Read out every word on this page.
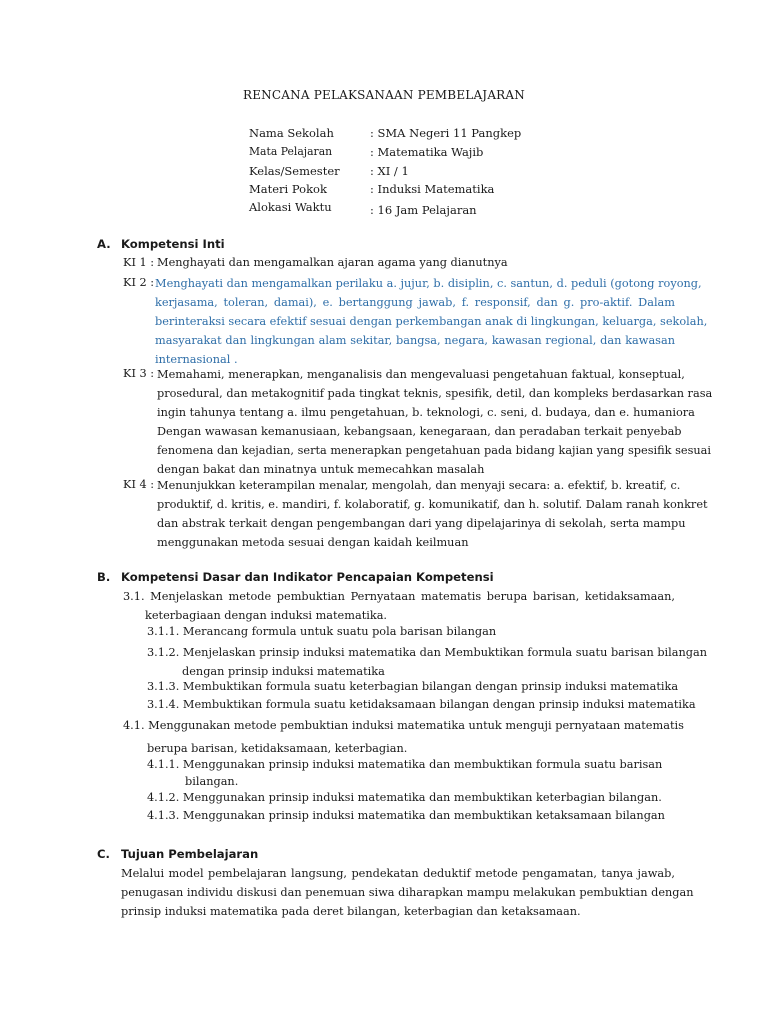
RENCANA PELAKSANAAN PEMBELAJARAN
Nama Sekolah	: SMA Negeri 11 Pangkep
Mata Pelajaran	: Matematika Wajib
Kelas/Semester	: XI / 1
Materi Pokok	: Induksi Matematika
Alokasi Waktu	: 16 Jam Pelajaran
A. Kompetensi Inti
KI 1 : Menghayati dan mengamalkan ajaran agama yang dianutnya
KI 2 : Menghayati dan mengamalkan perilaku a. jujur, b. disiplin, c. santun, d. peduli (gotong royong,
kerjasama, toleran, damai), e. bertanggung jawab, f. responsif, dan g. pro-aktif. Dalam
berinteraksi secara efektif sesuai dengan perkembangan anak di lingkungan, keluarga, sekolah,
masyarakat dan lingkungan alam sekitar, bangsa, negara, kawasan regional, dan kawasan
internasional .
KI 3 : Memahami, menerapkan, menganalisis dan mengevaluasi pengetahuan faktual, konseptual,
prosedural, dan metakognitif pada tingkat teknis, spesifik, detil, dan kompleks berdasarkan rasa
ingin tahunya tentang a. ilmu pengetahuan, b. teknologi, c. seni, d. budaya, dan e. humaniora
Dengan wawasan kemanusiaan, kebangsaan, kenegaraan, dan peradaban terkait penyebab
fenomena dan kejadian, serta menerapkan pengetahuan pada bidang kajian yang spesifik sesuai
dengan bakat dan minatnya untuk memecahkan masalah
KI 4 : Menunjukkan keterampilan menalar, mengolah, dan menyaji secara: a. efektif, b. kreatif, c.
produktif, d. kritis, e. mandiri, f. kolaboratif, g. komunikatif, dan h. solutif. Dalam ranah konkret
dan abstrak terkait dengan pengembangan dari yang dipelajarinya di sekolah, serta mampu
menggunakan metoda sesuai dengan kaidah keilmuan
B. Kompetensi Dasar dan Indikator Pencapaian Kompetensi
3.1. Menjelaskan metode pembuktian Pernyataan matematis berupa barisan, ketidaksamaan,
keterbagiaan dengan induksi matematika.
3.1.1. Merancang formula untuk suatu pola barisan bilangan
3.1.2. Menjelaskan prinsip induksi matematika dan Membuktikan formula suatu barisan bilangan
dengan prinsip induksi matematika
3.1.3. Membuktikan formula suatu keterbagian bilangan dengan prinsip induksi matematika
3.1.4. Membuktikan formula suatu ketidaksamaan bilangan dengan prinsip induksi matematika
4.1. Menggunakan metode pembuktian induksi matematika untuk menguji pernyataan matematis
berupa barisan, ketidaksamaan, keterbagian.
4.1.1. Menggunakan prinsip induksi matematika dan membuktikan formula suatu barisan
bilangan.
4.1.2. Menggunakan prinsip induksi matematika dan membuktikan keterbagian bilangan.
4.1.3. Menggunakan prinsip induksi matematika dan membuktikan ketaksamaan bilangan
C. Tujuan Pembelajaran
Melalui model pembelajaran langsung, pendekatan deduktif metode pengamatan, tanya jawab,
penugasan individu diskusi dan penemuan siwa diharapkan mampu melakukan pembuktian dengan
prinsip induksi matematika pada deret bilangan, keterbagian dan ketaksamaan.
